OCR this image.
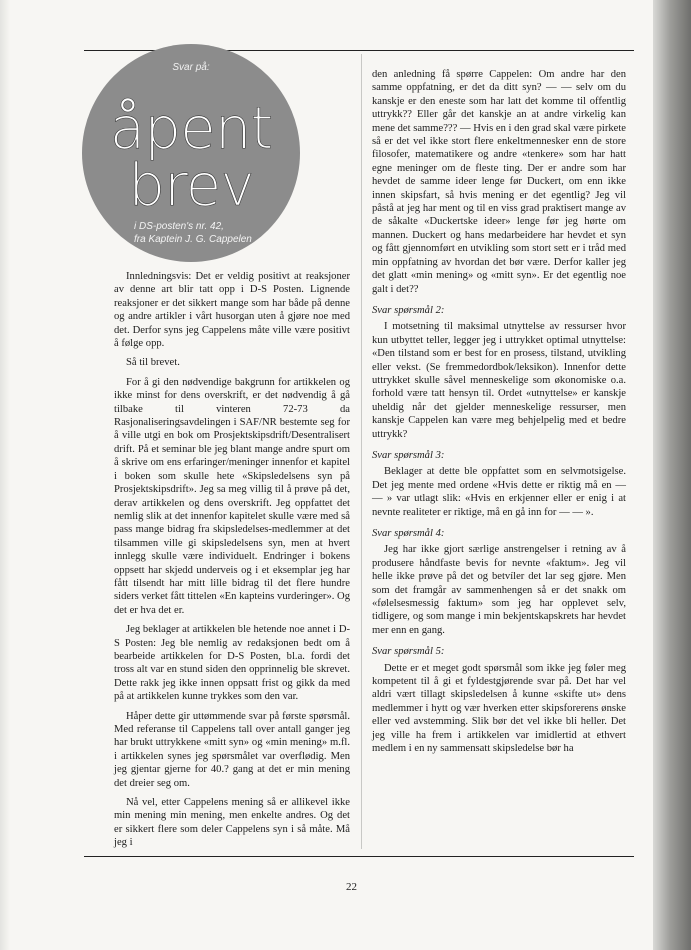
Svar på:
åpent
brev
i DS-posten's nr. 42,
fra Kaptein J. G. Cappelen

Innledningsvis: Det er veldig positivt at reaksjoner av denne art blir tatt opp i D-S Posten. Lignende reaksjoner er det sikkert mange som har både på denne og andre artikler i vårt husorgan uten å gjøre noe med det. Derfor syns jeg Cappelens måte ville være positivt å følge opp.

Så til brevet.

For å gi den nødvendige bakgrunn for artikkelen og ikke minst for dens overskrift, er det nødvendig å gå tilbake til vinteren 72-73 da Rasjonaliseringsavdelingen i SAF/NR bestemte seg for å ville utgi en bok om Prosjektskipsdrift/Desentralisert drift. På et seminar ble jeg blant mange andre spurt om å skrive om ens erfaringer/meninger innenfor et kapitel i boken som skulle hete «Skipsledelsens syn på Prosjektskipsdrift». Jeg sa meg villig til å prøve på det, derav artikkelen og dens overskrift. Jeg oppfattet det nemlig slik at det innenfor kapitelet skulle være med så pass mange bidrag fra skipsledelses-medlemmer at det tilsammen ville gi skipsledelsens syn, men at hvert innlegg skulle være individuelt. Endringer i bokens oppsett har skjedd underveis og i et eksemplar jeg har fått tilsendt har mitt lille bidrag til det flere hundre siders verket fått tittelen «En kapteins vurderinger». Og det er hva det er.

Jeg beklager at artikkelen ble hetende noe annet i D-S Posten: Jeg ble nemlig av redaksjonen bedt om å bearbeide artikkelen for D-S Posten, bl.a. fordi det tross alt var en stund siden den opprinnelig ble skrevet. Dette rakk jeg ikke innen oppsatt frist og gikk da med på at artikkelen kunne trykkes som den var.

Håper dette gir uttømmende svar på første spørsmål. Med referanse til Cappelens tall over antall ganger jeg har brukt uttrykkene «mitt syn» og «min mening» m.fl. i artikkelen synes jeg spørsmålet var overflødig. Men jeg gjentar gjerne for 40.? gang at det er min mening det dreier seg om.

Nå vel, etter Cappelens mening så er allikevel ikke min mening min mening, men enkelte andres. Og det er sikkert flere som deler Cappelens syn i så måte. Må jeg i

den anledning få spørre Cappelen: Om andre har den samme oppfatning, er det da ditt syn? — — selv om du kanskje er den eneste som har latt det komme til offentlig uttrykk?? Eller går det kanskje an at andre virkelig kan mene det samme??? — Hvis en i den grad skal være pirkete så er det vel ikke stort flere enkeltmennesker enn de store filosofer, matematikere og andre «tenkere» som har hatt egne meninger om de fleste ting. Der er andre som har hevdet de samme ideer lenge før Duckert, om enn ikke innen skipsfart, så hvis mening er det egentlig? Jeg vil påstå at jeg har ment og til en viss grad praktisert mange av de såkalte «Duckertske ideer» lenge før jeg hørte om mannen. Duckert og hans medarbeidere har hevdet et syn og fått gjennomført en utvikling som stort sett er i tråd med min oppfatning av hvordan det bør være. Derfor kaller jeg det glatt «min mening» og «mitt syn». Er det egentlig noe galt i det??

Svar spørsmål 2:

I motsetning til maksimal utnyttelse av ressurser hvor kun utbyttet teller, legger jeg i uttrykket optimal utnyttelse: «Den tilstand som er best for en prosess, tilstand, utvikling eller vekst. (Se fremmedordbok/leksikon). Innenfor dette uttrykket skulle såvel menneskelige som økonomiske o.a. forhold være tatt hensyn til. Ordet «utnyttelse» er kanskje uheldig når det gjelder menneskelige ressurser, men kanskje Cappelen kan være meg behjelpelig med et bedre uttrykk?

Svar spørsmål 3:

Beklager at dette ble oppfattet som en selvmotsigelse. Det jeg mente med ordene «Hvis dette er riktig må en — — » var utlagt slik: «Hvis en erkjenner eller er enig i at nevnte realiteter er riktige, må en gå inn for — — ».

Svar spørsmål 4:

Jeg har ikke gjort særlige anstrengelser i retning av å produsere håndfaste bevis for nevnte «faktum». Jeg vil helle ikke prøve på det og betvíler det lar seg gjøre. Men som det framgår av sammenhengen så er det snakk om «følelsesmessig faktum» som jeg har opplevet selv, tidligere, og som mange i min bekjentskapskrets har hevdet mer enn en gang.

Svar spørsmål 5:

Dette er et meget godt spørsmål som ikke jeg føler meg kompetent til å gi et fyldestgjørende svar på. Det har vel aldri vært tillagt skipsledelsen å kunne «skifte ut» dens medlemmer i hytt og vær hverken etter skipsforerens ønske eller ved avstemming. Slik bør det vel ikke bli heller. Det jeg ville ha frem i artikkelen var imidlertid at ethvert medlem i en ny sammensatt skipsledelse bør ha

22
